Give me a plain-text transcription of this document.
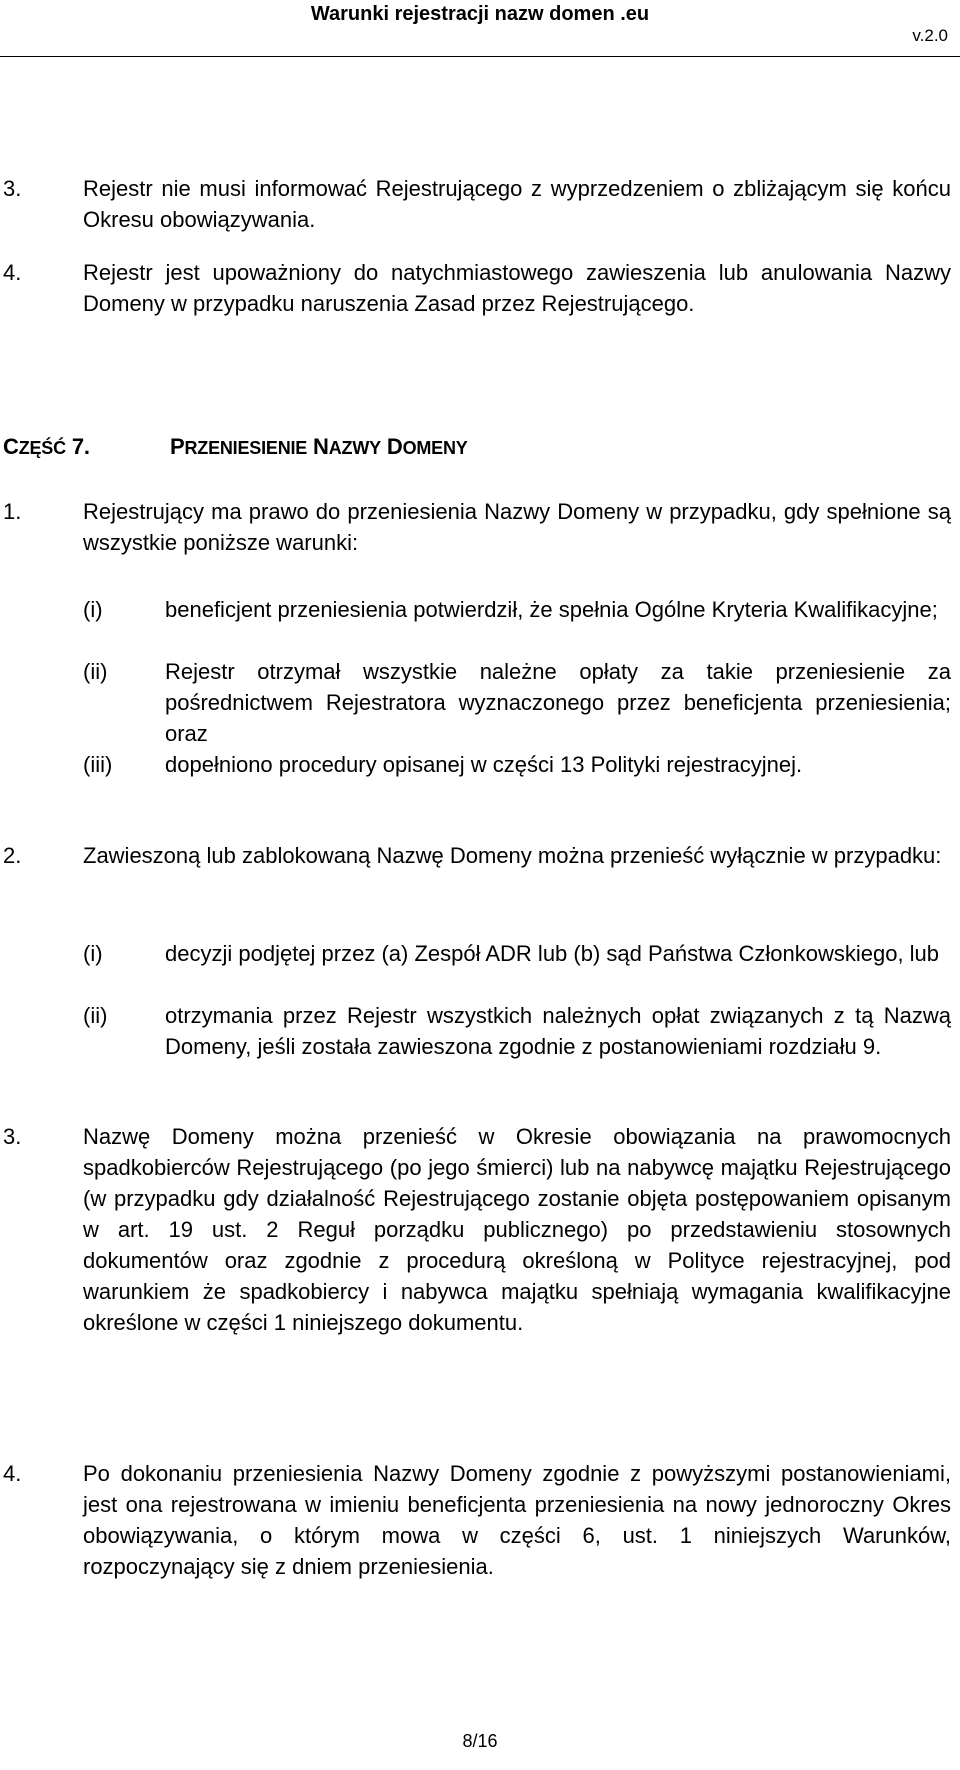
Warunki rejestracji nazw domen .eu
v.2.0
3.	Rejestr nie musi informować Rejestrującego z wyprzedzeniem o zbliżającym się końcu Okresu obowiązywania.
4.	Rejestr jest upoważniony do natychmiastowego zawieszenia lub anulowania Nazwy Domeny w przypadku naruszenia Zasad przez Rejestrującego.
CZĘŚĆ 7.	PRZENIESIENIE NAZWY DOMENY
1.	Rejestrujący ma prawo do przeniesienia Nazwy Domeny w przypadku, gdy spełnione są wszystkie poniższe warunki:
(i)	beneficjent przeniesienia potwierdził, że spełnia Ogólne Kryteria Kwalifikacyjne;
(ii)	Rejestr otrzymał wszystkie należne opłaty za takie przeniesienie za pośrednictwem Rejestratora wyznaczonego przez beneficjenta przeniesienia; oraz
(iii) dopełniono procedury opisanej w części 13 Polityki rejestracyjnej.
2.	Zawieszoną lub zablokowaną Nazwę Domeny można przenieść wyłącznie w przypadku:
(i)	decyzji podjętej przez (a) Zespół ADR lub (b) sąd Państwa Członkowskiego, lub
(ii)	otrzymania przez Rejestr wszystkich należnych opłat związanych z tą Nazwą Domeny, jeśli została zawieszona zgodnie z postanowieniami rozdziału 9.
3.	Nazwę Domeny można przenieść w Okresie obowiązania na prawomocnych spadkobierców Rejestrującego (po jego śmierci) lub na nabywcę majątku Rejestrującego (w przypadku gdy działalność Rejestrującego zostanie objęta postępowaniem opisanym w art. 19 ust. 2 Reguł porządku publicznego) po przedstawieniu stosownych dokumentów oraz zgodnie z procedurą określoną w Polityce rejestracyjnej, pod warunkiem że spadkobiercy i nabywca majątku spełniają wymagania kwalifikacyjne określone w części 1 niniejszego dokumentu.
4.	Po dokonaniu przeniesienia Nazwy Domeny zgodnie z powyższymi postanowieniami, jest ona rejestrowana w imieniu beneficjenta przeniesienia na nowy jednoroczny Okres obowiązywania, o którym mowa w części 6, ust. 1 niniejszych Warunków, rozpoczynający się z dniem przeniesienia.
8/16
